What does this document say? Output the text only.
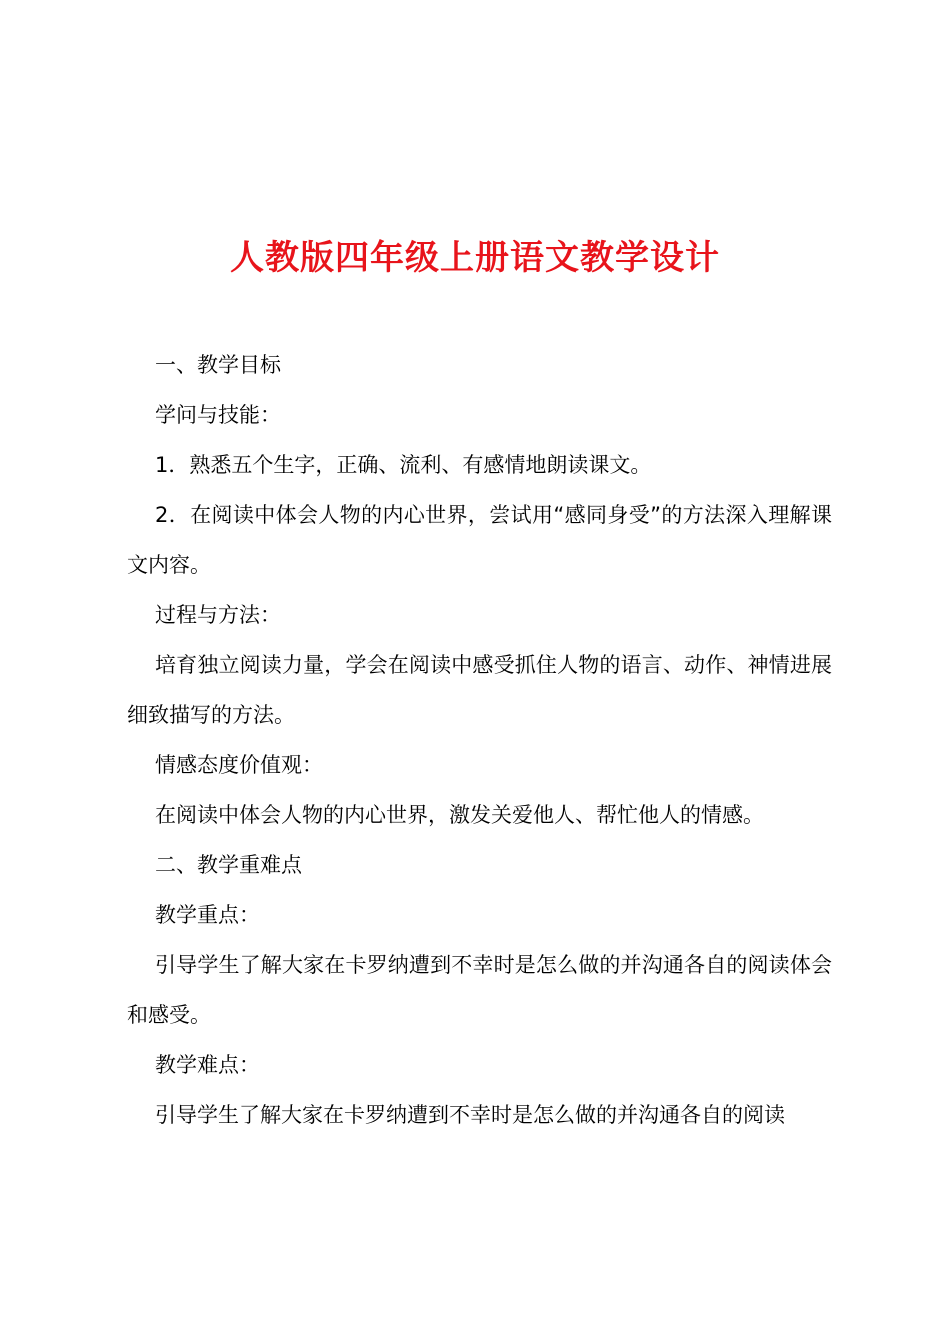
人教版四年级上册语文教学设计

一、教学目标

学问与技能：

1．熟悉五个生字，正确、流利、有感情地朗读课文。

2．在阅读中体会人物的内心世界，尝试用“感同身受”的方法深入理解课文内容。

过程与方法：

培育独立阅读力量，学会在阅读中感受抓住人物的语言、动作、神情进展细致描写的方法。

情感态度价值观：

在阅读中体会人物的内心世界，激发关爱他人、帮忙他人的情感。

二、教学重难点

教学重点：

引导学生了解大家在卡罗纳遭到不幸时是怎么做的并沟通各自的阅读体会和感受。

教学难点：

引导学生了解大家在卡罗纳遭到不幸时是怎么做的并沟通各自的阅读
